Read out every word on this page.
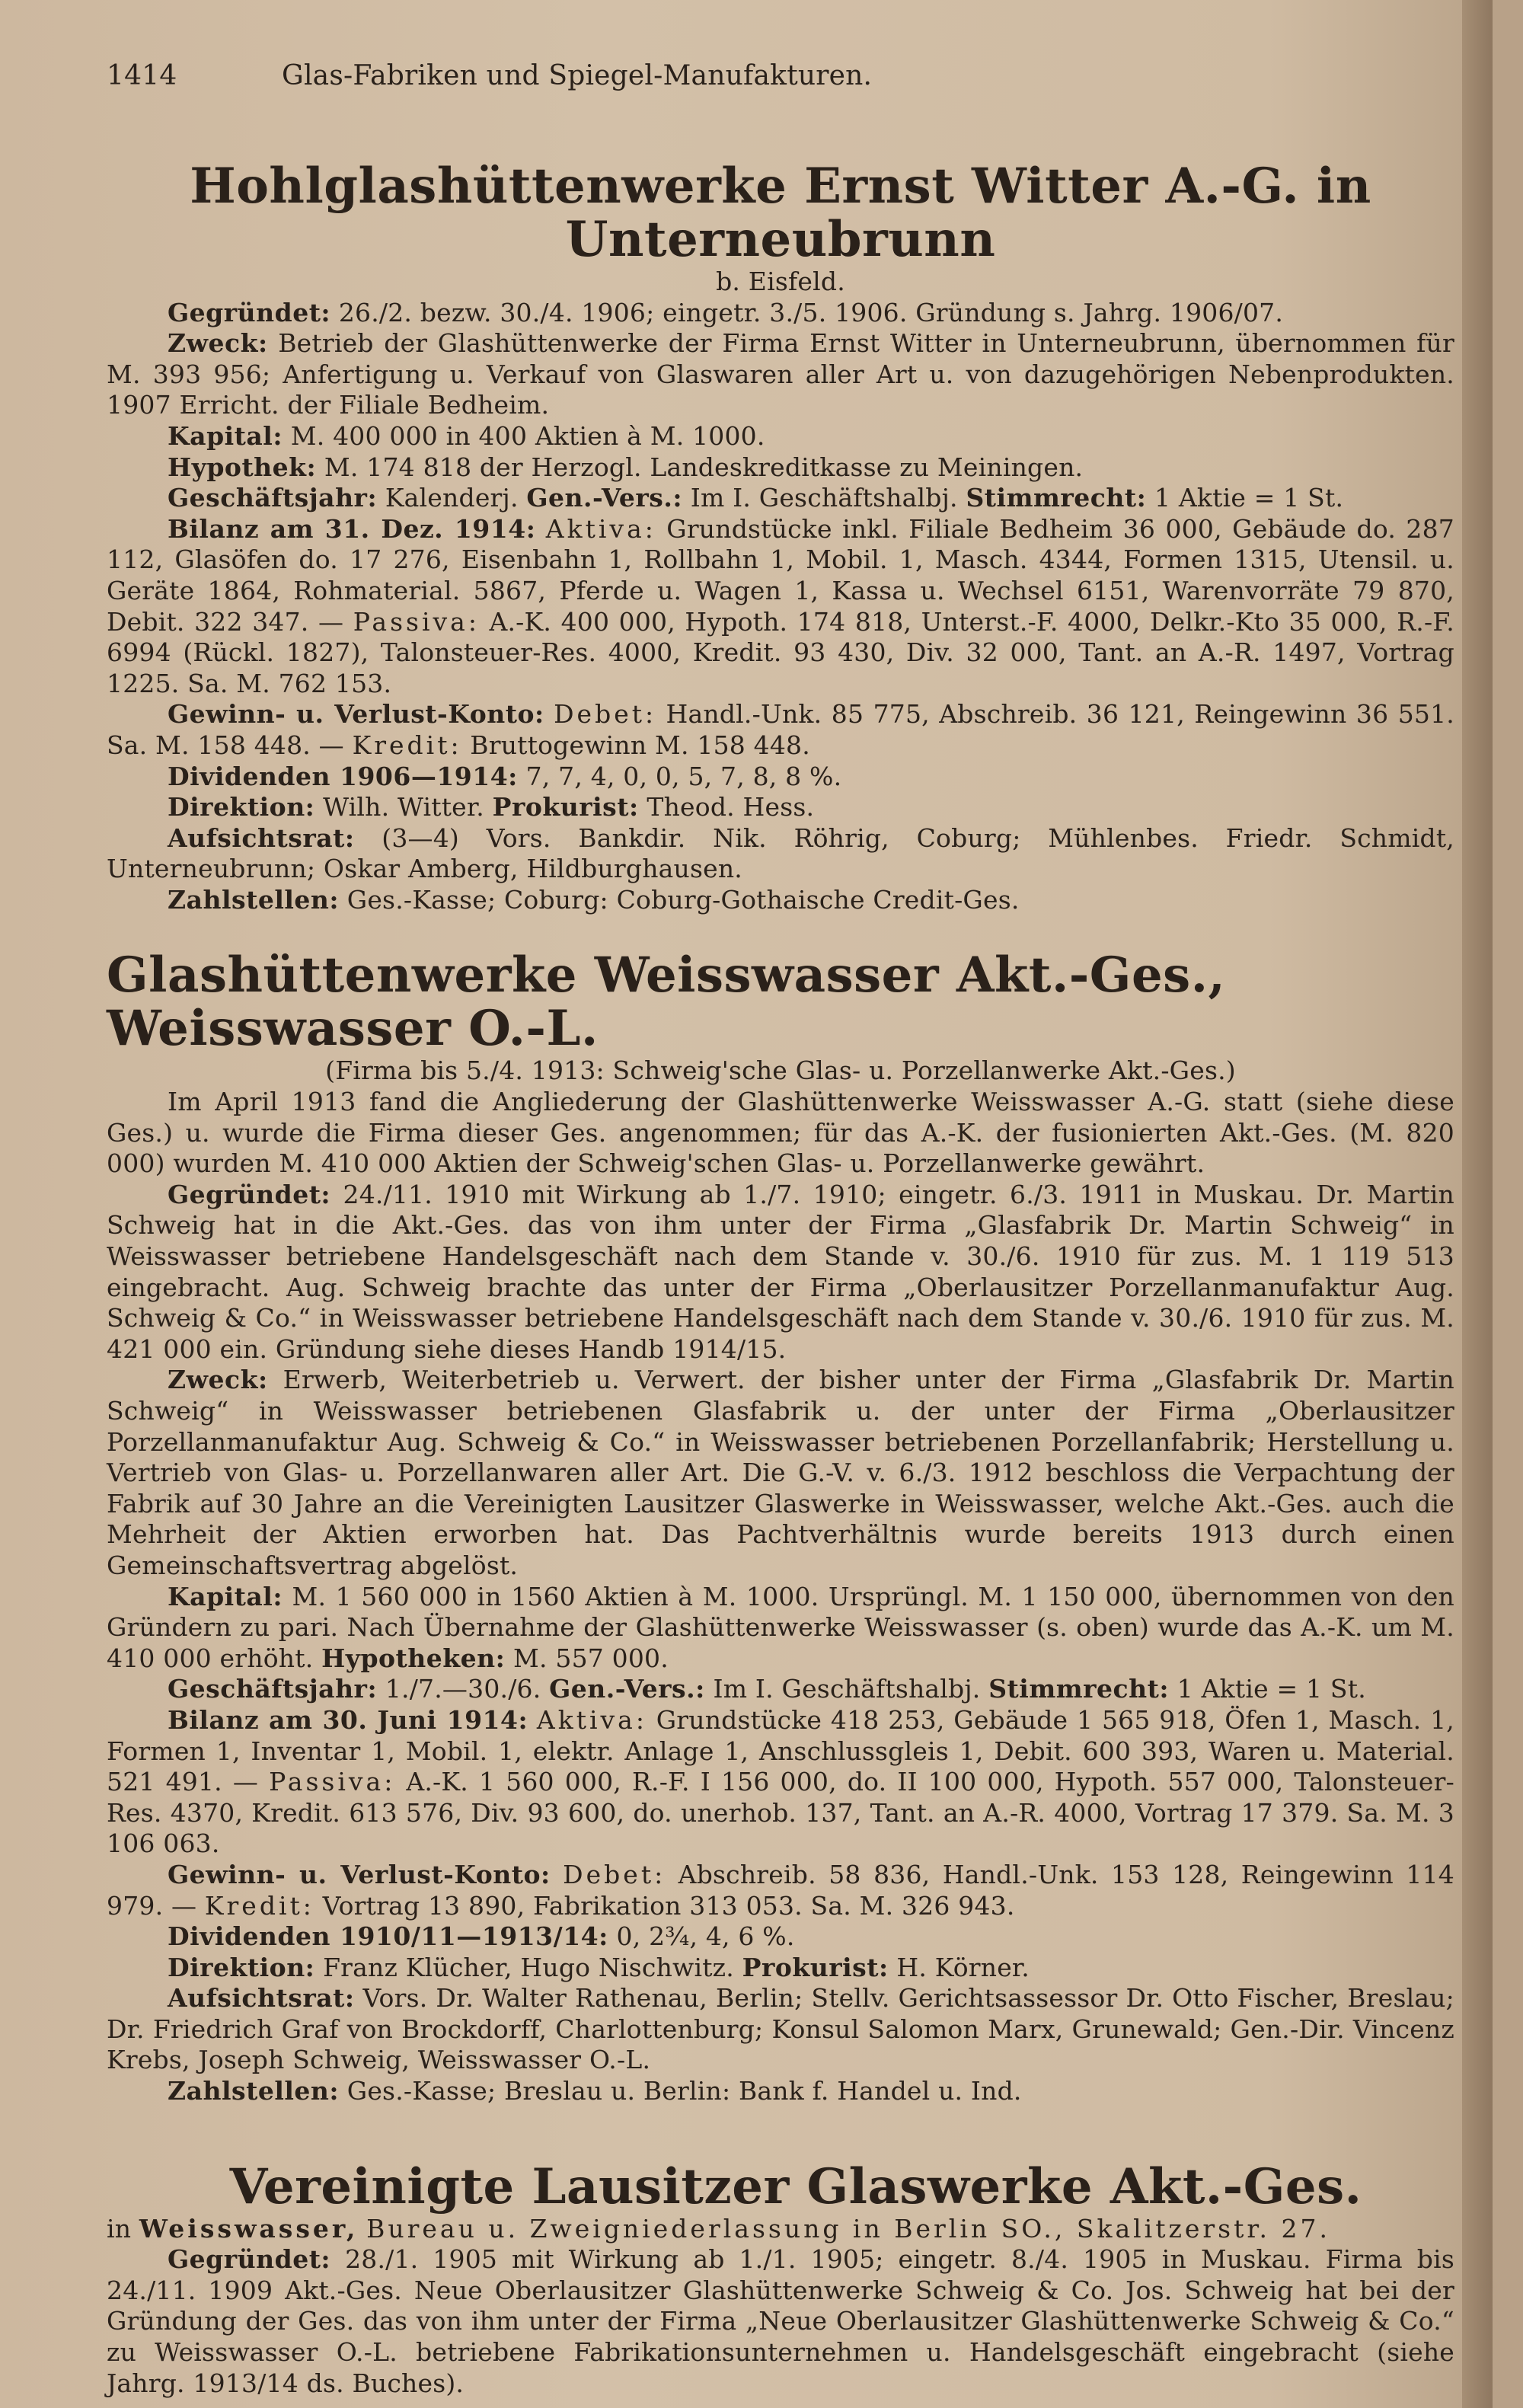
1414	Glas-Fabriken und Spiegel-Manufakturen.
Hohlglashüttenwerke Ernst Witter A.-G. in Unterneubrunn

b. Eisfeld.

Gegründet: 26./2. bezw. 30./4. 1906; eingetr. 3./5. 1906. Gründung s. Jahrg. 1906/07.

Zweck: Betrieb der Glashüttenwerke der Firma Ernst Witter in Unterneubrunn, übernommen für M. 393 956; Anfertigung u. Verkauf von Glaswaren aller Art u. von dazugehörigen Nebenprodukten. 1907 Erricht. der Filiale Bedheim.

Kapital: M. 400 000 in 400 Aktien à M. 1000.

Hypothek: M. 174 818 der Herzogl. Landeskreditkasse zu Meiningen.

Geschäftsjahr: Kalenderj. Gen.-Vers.: Im I. Geschäftshalbj. Stimmrecht: 1 Aktie = 1 St.

Bilanz am 31. Dez. 1914: Aktiva: Grundstücke inkl. Filiale Bedheim 36 000, Gebäude do. 287 112, Glasöfen do. 17 276, Eisenbahn 1, Rollbahn 1, Mobil. 1, Masch. 4344, Formen 1315, Utensil. u. Geräte 1864, Rohmaterial. 5867, Pferde u. Wagen 1, Kassa u. Wechsel 6151, Warenvorräte 79 870, Debit. 322 347. — Passiva: A.-K. 400 000, Hypoth. 174 818, Unterst.-F. 4000, Delkr.-Kto 35 000, R.-F. 6994 (Rückl. 1827), Talonsteuer-Res. 4000, Kredit. 93 430, Div. 32 000, Tant. an A.-R. 1497, Vortrag 1225. Sa. M. 762 153.

Gewinn- u. Verlust-Konto: Debet: Handl.-Unk. 85 775, Abschreib. 36 121, Reingewinn 36 551. Sa. M. 158 448. — Kredit: Bruttogewinn M. 158 448.

Dividenden 1906—1914: 7, 7, 4, 0, 0, 5, 7, 8, 8 %.

Direktion: Wilh. Witter. Prokurist: Theod. Hess.

Aufsichtsrat: (3—4) Vors. Bankdir. Nik. Röhrig, Coburg; Mühlenbes. Friedr. Schmidt, Unterneubrunn; Oskar Amberg, Hildburghausen.

Zahlstellen: Ges.-Kasse; Coburg: Coburg-Gothaische Credit-Ges.

Glashüttenwerke Weisswasser Akt.-Ges., Weisswasser O.-L.

(Firma bis 5./4. 1913: Schweig'sche Glas- u. Porzellanwerke Akt.-Ges.)

Im April 1913 fand die Angliederung der Glashüttenwerke Weisswasser A.-G. statt (siehe diese Ges.) u. wurde die Firma dieser Ges. angenommen; für das A.-K. der fusionierten Akt.-Ges. (M. 820 000) wurden M. 410 000 Aktien der Schweig'schen Glas- u. Porzellanwerke gewährt.

Gegründet: 24./11. 1910 mit Wirkung ab 1./7. 1910; eingetr. 6./3. 1911 in Muskau. Dr. Martin Schweig hat in die Akt.-Ges. das von ihm unter der Firma „Glasfabrik Dr. Martin Schweig“ in Weisswasser betriebene Handelsgeschäft nach dem Stande v. 30./6. 1910 für zus. M. 1 119 513 eingebracht. Aug. Schweig brachte das unter der Firma „Oberlausitzer Porzellanmanufaktur Aug. Schweig & Co.“ in Weisswasser betriebene Handelsgeschäft nach dem Stande v. 30./6. 1910 für zus. M. 421 000 ein. Gründung siehe dieses Handb 1914/15.

Zweck: Erwerb, Weiterbetrieb u. Verwert. der bisher unter der Firma „Glasfabrik Dr. Martin Schweig“ in Weisswasser betriebenen Glasfabrik u. der unter der Firma „Oberlausitzer Porzellanmanufaktur Aug. Schweig & Co.“ in Weisswasser betriebenen Porzellanfabrik; Herstellung u. Vertrieb von Glas- u. Porzellanwaren aller Art. Die G.-V. v. 6./3. 1912 beschloss die Verpachtung der Fabrik auf 30 Jahre an die Vereinigten Lausitzer Glaswerke in Weisswasser, welche Akt.-Ges. auch die Mehrheit der Aktien erworben hat. Das Pachtverhältnis wurde bereits 1913 durch einen Gemeinschaftsvertrag abgelöst.

Kapital: M. 1 560 000 in 1560 Aktien à M. 1000. Ursprüngl. M. 1 150 000, übernommen von den Gründern zu pari. Nach Übernahme der Glashüttenwerke Weisswasser (s. oben) wurde das A.-K. um M. 410 000 erhöht. Hypotheken: M. 557 000.

Geschäftsjahr: 1./7.—30./6. Gen.-Vers.: Im I. Geschäftshalbj. Stimmrecht: 1 Aktie = 1 St.

Bilanz am 30. Juni 1914: Aktiva: Grundstücke 418 253, Gebäude 1 565 918, Öfen 1, Masch. 1, Formen 1, Inventar 1, Mobil. 1, elektr. Anlage 1, Anschlussgleis 1, Debit. 600 393, Waren u. Material. 521 491. — Passiva: A.-K. 1 560 000, R.-F. I 156 000, do. II 100 000, Hypoth. 557 000, Talonsteuer-Res. 4370, Kredit. 613 576, Div. 93 600, do. unerhob. 137, Tant. an A.-R. 4000, Vortrag 17 379. Sa. M. 3 106 063.

Gewinn- u. Verlust-Konto: Debet: Abschreib. 58 836, Handl.-Unk. 153 128, Reingewinn 114 979. — Kredit: Vortrag 13 890, Fabrikation 313 053. Sa. M. 326 943.

Dividenden 1910/11—1913/14: 0, 2¾, 4, 6 %.

Direktion: Franz Klücher, Hugo Nischwitz. Prokurist: H. Körner.

Aufsichtsrat: Vors. Dr. Walter Rathenau, Berlin; Stellv. Gerichtsassessor Dr. Otto Fischer, Breslau; Dr. Friedrich Graf von Brockdorff, Charlottenburg; Konsul Salomon Marx, Grunewald; Gen.-Dir. Vincenz Krebs, Joseph Schweig, Weisswasser O.-L.

Zahlstellen: Ges.-Kasse; Breslau u. Berlin: Bank f. Handel u. Ind.

Vereinigte Lausitzer Glaswerke Akt.-Ges.

in Weisswasser, Bureau u. Zweigniederlassung in Berlin SO., Skalitzerstr. 27.

Gegründet: 28./1. 1905 mit Wirkung ab 1./1. 1905; eingetr. 8./4. 1905 in Muskau. Firma bis 24./11. 1909 Akt.-Ges. Neue Oberlausitzer Glashüttenwerke Schweig & Co. Jos. Schweig hat bei der Gründung der Ges. das von ihm unter der Firma „Neue Oberlausitzer Glashüttenwerke Schweig & Co.“ zu Weisswasser O.-L. betriebene Fabrikationsunternehmen u. Handelsgeschäft eingebracht (siehe Jahrg. 1913/14 ds. Buches).
